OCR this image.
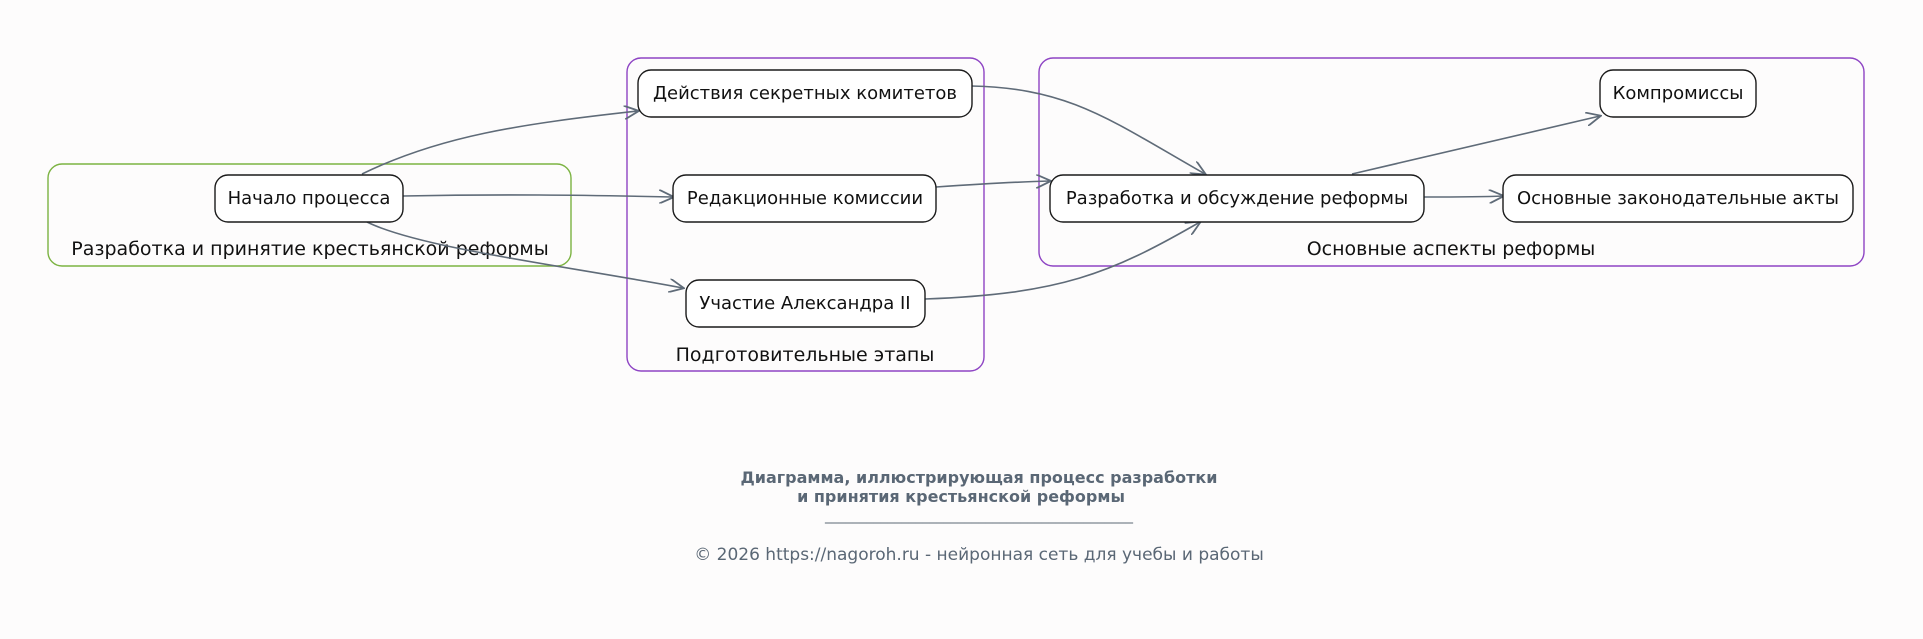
Разработка и принятие крестьянской реформы
Подготовительные этапы
Основные аспекты реформы
Начало процесса
Действия секретных комитетов
Редакционные комиссии
Участие Александра II
Разработка и обсуждение реформы
Компромиссы
Основные законодательные акты
Диаграмма, иллюстрирующая процесс разработки
и принятия крестьянской реформы
____________________________________________
© 2026 https://nagoroh.ru - нейронная сеть для учебы и работы
